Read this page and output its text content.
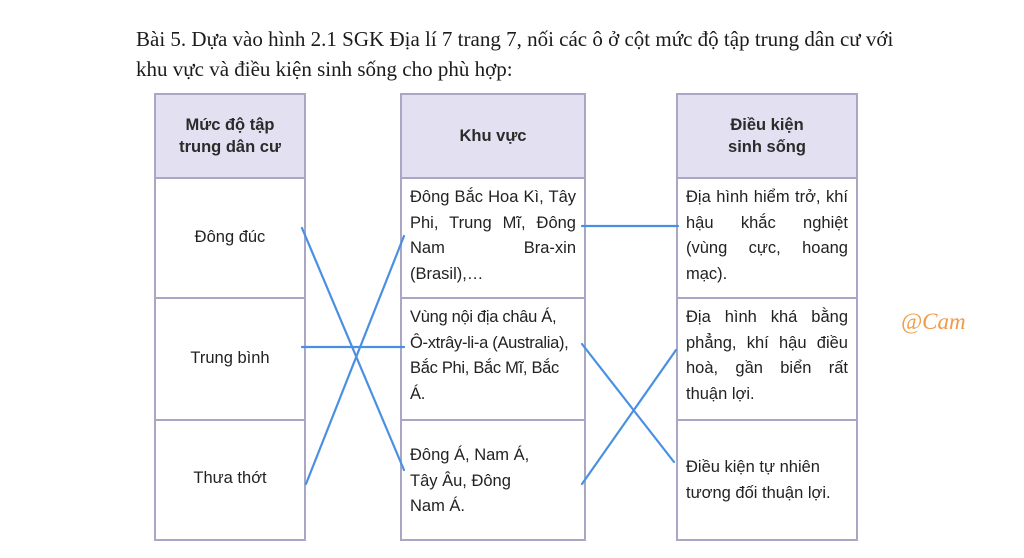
Bài 5. Dựa vào hình 2.1 SGK Địa lí 7 trang 7, nối các ô ở cột mức độ tập trung dân cư với khu vực và điều kiện sinh sống cho phù hợp:
Mức độ tập trung dân cư
Đông đúc
Trung bình
Thưa thớt
Khu vực
Đông Bắc Hoa Kì, Tây Phi, Trung Mĩ, Đông Nam Bra-xin (Brasil),…
Vùng nội địa châu Á, Ô-xtrây-li-a (Australia), Bắc Phi, Bắc Mĩ, Bắc Á.
Đông Á, Nam Á, Tây Âu, Đông Nam Á.
Điều kiện sinh sống
Địa hình hiểm trở, khí hậu khắc nghiệt (vùng cực, hoang mạc).
Địa hình khá bằng phẳng, khí hậu điều hoà, gần biển rất thuận lợi.
Điều kiện tự nhiên tương đối thuận lợi.
@Cam
